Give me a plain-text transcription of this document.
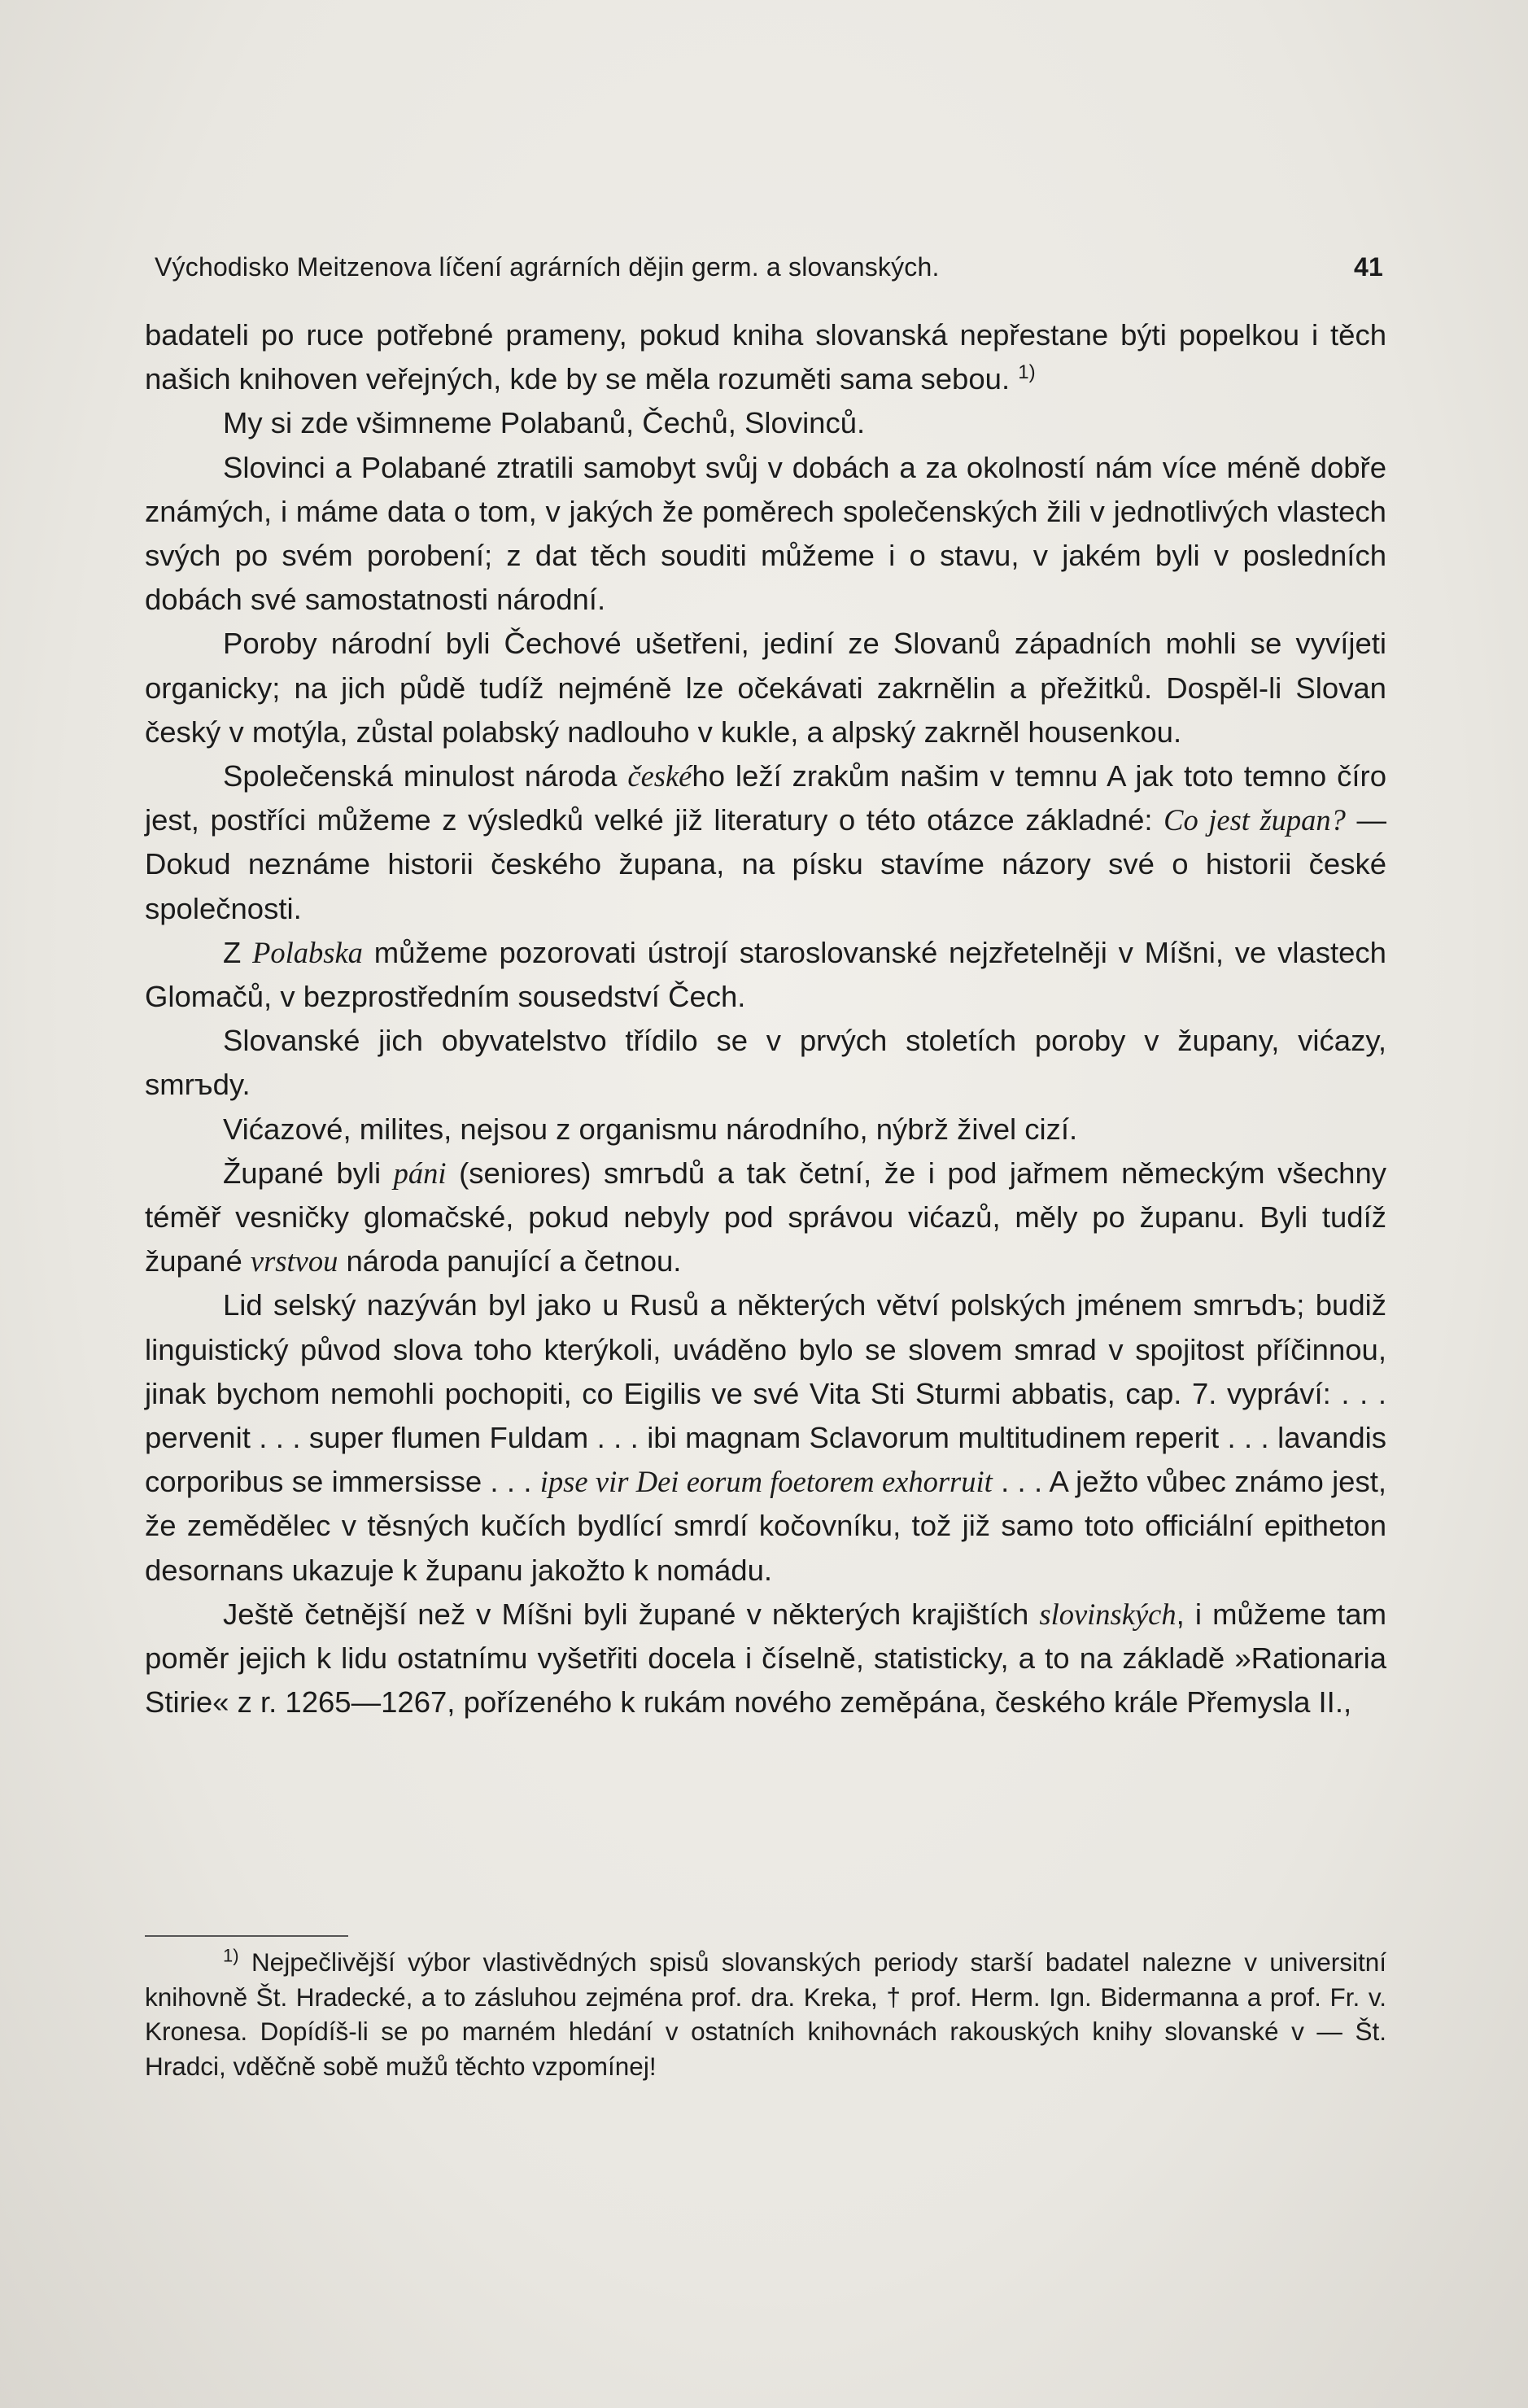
Východisko Meitzenova líčení agrárních dějin germ. a slovanských.	41

badateli po ruce potřebné prameny, pokud kniha slovanská nepřestane býti popelkou i těch našich knihoven veřejných, kde by se měla rozuměti sama sebou. $^{1)}$

My si zde všimneme Polabanů, Čechů, Slovinců.

Slovinci a Polabané ztratili samobyt svůj v dobách a za okolností nám více méně dobře známých, i máme data o tom, v jakých že poměrech společenských žili v jednotlivých vlastech svých po svém porobení; z dat těch souditi můžeme i o stavu, v jakém byli v posledních dobách své samostatnosti národní.

Poroby národní byli Čechové ušetřeni, jediní ze Slovanů západních mohli se vyvíjeti organicky; na jich půdě tudíž nejméně lze očekávati zakrnělin a přežitků. Dospěl-li Slovan český v motýla, zůstal polabský nadlouho v kukle, a alpský zakrněl housenkou.

Společenská minulost národa českého leží zrakům našim v temnu A jak toto temno číro jest, postříci můžeme z výsledků velké již literatury o této otázce základné: Co jest župan? — Dokud neznáme historii českého župana, na písku stavíme názory své o historii české společnosti.

Z Polabska můžeme pozorovati ústrojí staroslovanské nejzřetelněji v Míšni, ve vlastech Glomačů, v bezprostředním sousedství Čech.

Slovanské jich obyvatelstvo třídilo se v prvých stoletích poroby v župany, vićazy, smrъdy.

Vićazové, milites, nejsou z organismu národního, nýbrž živel cizí.

Župané byli páni (seniores) smrъdů a tak četní, že i pod jařmem německým všechny téměř vesničky glomačské, pokud nebyly pod správou vićazů, měly po županu. Byli tudíž župané vrstvou národa panující a četnou.

Lid selský nazýván byl jako u Rusů a některých větví polských jménem smrъdъ; budiž linguistický původ slova toho kterýkoli, uváděno bylo se slovem smrad v spojitost příčinnou, jinak bychom nemohli pochopiti, co Eigilis ve své Vita Sti Sturmi abbatis, cap. 7. vypráví: . . . pervenit . . . super flumen Fuldam . . . ibi magnam Sclavorum multitudinem reperit . . . lavandis corporibus se immersisse . . . ipse vir Dei eorum foetorem exhorruit . . . A ježto vůbec známo jest, že zemědělec v těsných kučích bydlící smrdí kočovníku, tož již samo toto officiální epitheton desornans ukazuje k županu jakožto k nomádu.

Ještě četnější než v Míšni byli župané v některých krajištích slovinských, i můžeme tam poměr jejich k lidu ostatnímu vyšetřiti docela i číselně, statisticky, a to na základě »Rationaria Stirie« z r. 1265—1267, pořízeného k rukám nového zeměpána, českého krále Přemysla II.,

$^{1)}$ Nejpečlivější výbor vlastivědných spisů slovanských periody starší badatel nalezne v universitní knihovně Št. Hradecké, a to zásluhou zejména prof. dra. Kreka, † prof. Herm. Ign. Bidermanna a prof. Fr. v. Kronesa. Dopídíš-li se po marném hledání v ostatních knihovnách rakouských knihy slovanské v — Št. Hradci, vděčně sobě mužů těchto vzpomínej!
